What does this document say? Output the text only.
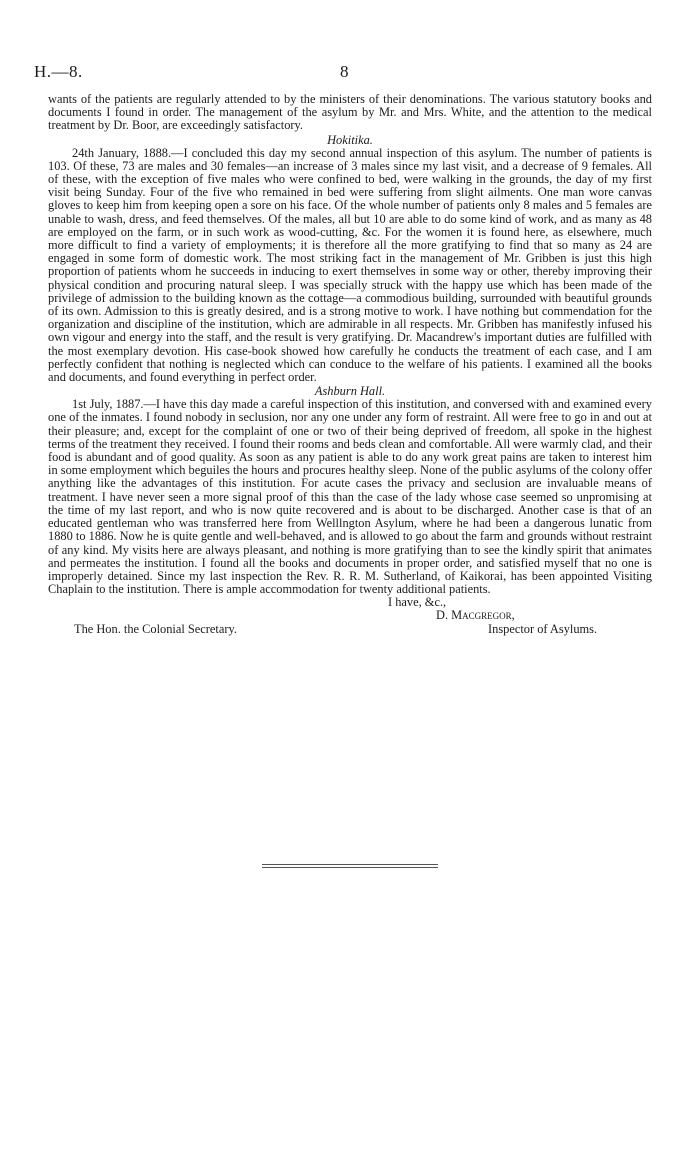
H.—8.	8

wants of the patients are regularly attended to by the ministers of their denominations. The various statutory books and documents I found in order. The management of the asylum by Mr. and Mrs. White, and the attention to the medical treatment by Dr. Boor, are exceedingly satisfactory.

Hokitika.

24th January, 1888.—I concluded this day my second annual inspection of this asylum. The number of patients is 103. Of these, 73 are males and 30 females—an increase of 3 males since my last visit, and a decrease of 9 females. All of these, with the exception of five males who were confined to bed, were walking in the grounds, the day of my first visit being Sunday. Four of the five who remained in bed were suffering from slight ailments. One man wore canvas gloves to keep him from keeping open a sore on his face. Of the whole number of patients only 8 males and 5 females are unable to wash, dress, and feed themselves. Of the males, all but 10 are able to do some kind of work, and as many as 48 are employed on the farm, or in such work as wood-cutting, &c. For the women it is found here, as elsewhere, much more difficult to find a variety of employments; it is therefore all the more gratifying to find that so many as 24 are engaged in some form of domestic work. The most striking fact in the management of Mr. Gribben is just this high proportion of patients whom he succeeds in inducing to exert themselves in some way or other, thereby improving their physical condition and procuring natural sleep. I was specially struck with the happy use which has been made of the privilege of admission to the building known as the cottage—a commodious building, surrounded with beautiful grounds of its own. Admission to this is greatly desired, and is a strong motive to work. I have nothing but commendation for the organization and discipline of the institution, which are admirable in all respects. Mr. Gribben has manifestly infused his own vigour and energy into the staff, and the result is very gratifying. Dr. Macandrew's important duties are fulfilled with the most exemplary devotion. His case-book showed how carefully he conducts the treatment of each case, and I am perfectly confident that nothing is neglected which can conduce to the welfare of his patients. I examined all the books and documents, and found everything in perfect order.

Ashburn Hall.

1st July, 1887.—I have this day made a careful inspection of this institution, and conversed with and examined every one of the inmates. I found nobody in seclusion, nor any one under any form of restraint. All were free to go in and out at their pleasure; and, except for the complaint of one or two of their being deprived of freedom, all spoke in the highest terms of the treatment they received. I found their rooms and beds clean and comfortable. All were warmly clad, and their food is abundant and of good quality. As soon as any patient is able to do any work great pains are taken to interest him in some employment which beguiles the hours and procures healthy sleep. None of the public asylums of the colony offer anything like the advantages of this institution. For acute cases the privacy and seclusion are invaluable means of treatment. I have never seen a more signal proof of this than the case of the lady whose case seemed so unpromising at the time of my last report, and who is now quite recovered and is about to be discharged. Another case is that of an educated gentleman who was transferred here from Welllngton Asylum, where he had been a dangerous lunatic from 1880 to 1886. Now he is quite gentle and well-behaved, and is allowed to go about the farm and grounds without restraint of any kind. My visits here are always pleasant, and nothing is more gratifying than to see the kindly spirit that animates and permeates the institution. I found all the books and documents in proper order, and satisfied myself that no one is improperly detained. Since my last inspection the Rev. R. R. M. Sutherland, of Kaikorai, has been appointed Visiting Chaplain to the institution. There is ample accommodation for twenty additional patients.

I have, &c.,
D. Macgregor,
The Hon. the Colonial Secretary.	Inspector of Asylums.
